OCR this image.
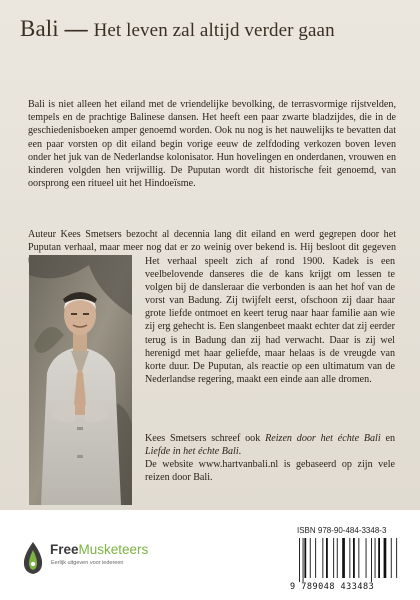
Bali — Het leven zal altijd verder gaan

Bali is niet alleen het eiland met de vriendelijke bevolking, de terrasvormige rijstvelden, tempels en de prachtige Balinese dansen. Het heeft een paar zwarte bladzijdes, die in de geschiedenisboeken amper genoemd worden. Ook nu nog is het nauwelijks te bevatten dat een paar vorsten op dit eiland begin vorige eeuw de zelfdoding verkozen boven leven onder het juk van de Nederlandse kolonisator. Hun hovelingen en onderdanen, vrouwen en kinderen volgden hen vrijwillig. De Puputan wordt dit historische feit genoemd, van oorsprong een ritueel uit het Hindoeïsme.

Auteur Kees Smetsers bezocht al decennia lang dit eiland en werd gegrepen door het Puputan verhaal, maar meer nog dat er zo weinig over bekend is. Hij besloot dit gegeven

Het verhaal speelt zich af rond 1900. Kadek is een veelbelovende danseres die de kans krijgt om lessen te volgen bij de dansleraar die verbonden is aan het hof van de vorst van Badung. Zij twijfelt eerst, ofschoon zij daar haar grote liefde ontmoet en keert terug naar haar familie aan wie zij erg gehecht is. Een slangenbeet maakt echter dat zij eerder terug is in Badung dan zij had verwacht. Daar is zij wel herenigd met haar geliefde, maar helaas is de vreugde van korte duur. De Puputan, als reactie op een ultimatum van de Nederlandse regering, maakt een einde aan alle dromen.

Kees Smetsers schreef ook Reizen door het échte Bali en Liefde in het échte Bali.
De website www.hartvanbali.nl is gebaseerd op zijn vele reizen door Bali.

FreeMusketeers
Eerlijk uitgeven voor iedereen
ISBN 978-90-484-3348-3
9 789048 433483
